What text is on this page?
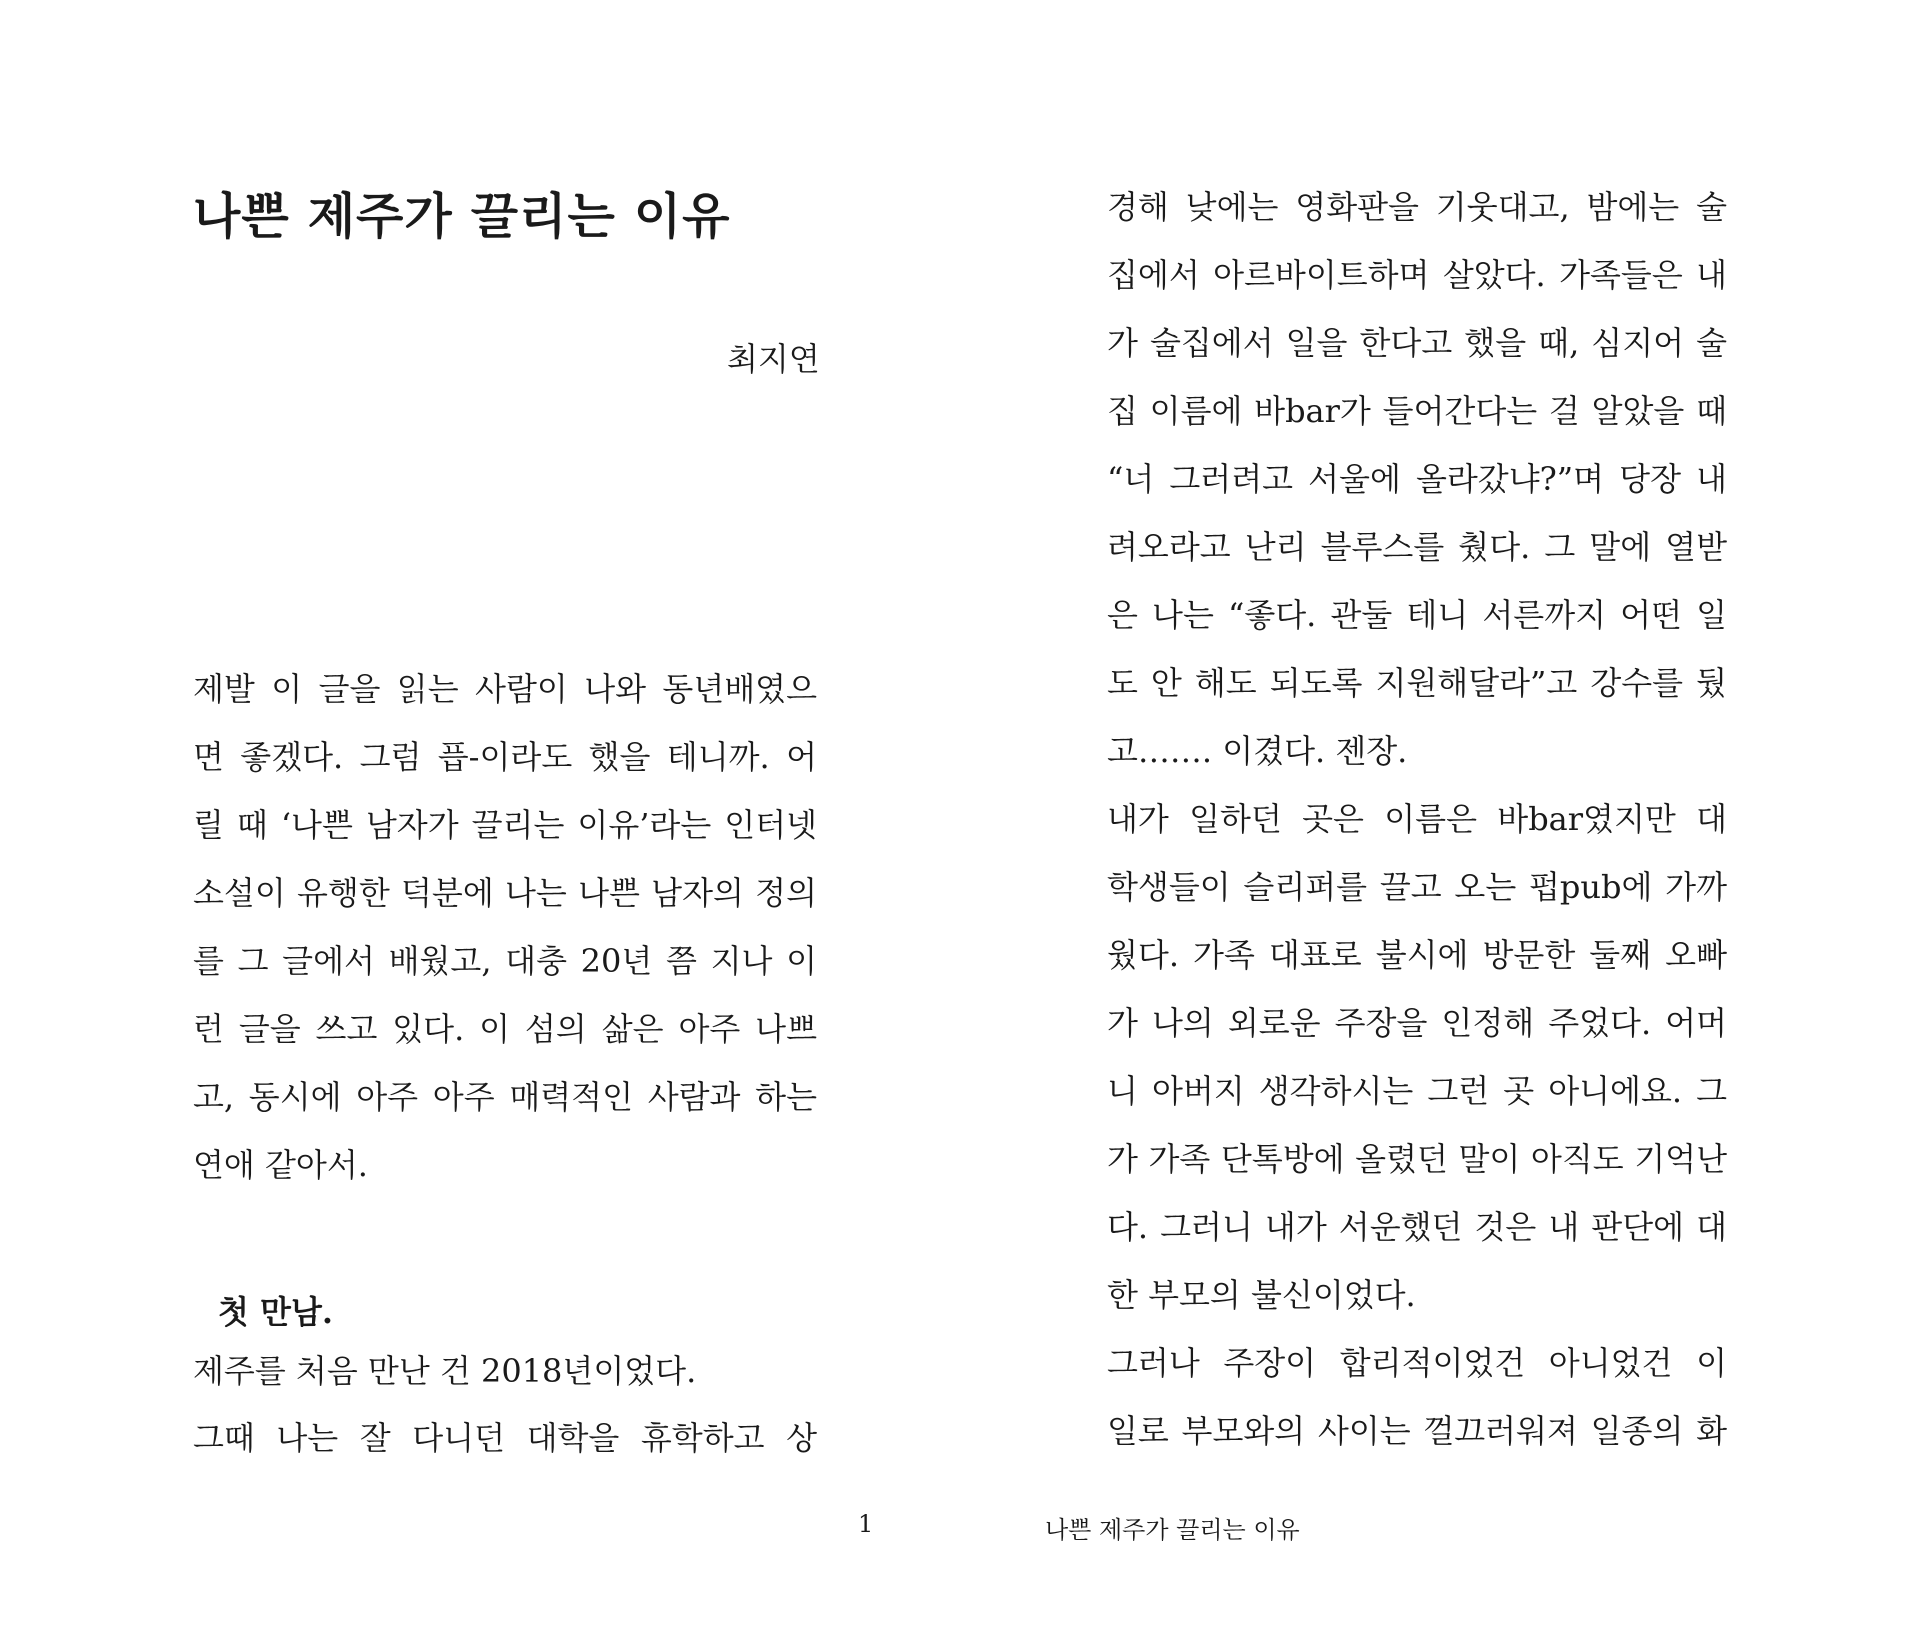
나쁜 제주가 끌리는 이유
최지연
제발 이 글을 읽는 사람이 나와 동년배였으
면 좋겠다. 그럼 픕-이라도 했을 테니까. 어
릴 때 ‘나쁜 남자가 끌리는 이유’라는 인터넷
소설이 유행한 덕분에 나는 나쁜 남자의 정의
를 그 글에서 배웠고, 대충 20년 쯤 지나 이
런 글을 쓰고 있다. 이 섬의 삶은 아주 나쁘
고, 동시에 아주 아주 매력적인 사람과 하는
연애 같아서.
첫 만남.
제주를 처음 만난 건 2018년이었다.
그때 나는 잘 다니던 대학을 휴학하고 상
경해 낮에는 영화판을 기웃대고, 밤에는 술
집에서 아르바이트하며 살았다. 가족들은 내
가 술집에서 일을 한다고 했을 때, 심지어 술
집 이름에 바bar가 들어간다는 걸 알았을 때
“너 그러려고 서울에 올라갔냐?”며 당장 내
려오라고 난리 블루스를 췄다. 그 말에 열받
은 나는 “좋다. 관둘 테니 서른까지 어떤 일
도 안 해도 되도록 지원해달라”고 강수를 뒀
고……. 이겼다. 젠장.
내가 일하던 곳은 이름은 바bar였지만 대
학생들이 슬리퍼를 끌고 오는 펍pub에 가까
웠다. 가족 대표로 불시에 방문한 둘째 오빠
가 나의 외로운 주장을 인정해 주었다. 어머
니 아버지 생각하시는 그런 곳 아니에요. 그
가 가족 단톡방에 올렸던 말이 아직도 기억난
다. 그러니 내가 서운했던 것은 내 판단에 대
한 부모의 불신이었다.
그러나 주장이 합리적이었건 아니었건 이
일로 부모와의 사이는 껄끄러워져 일종의 화
1	나쁜 제주가 끌리는 이유
